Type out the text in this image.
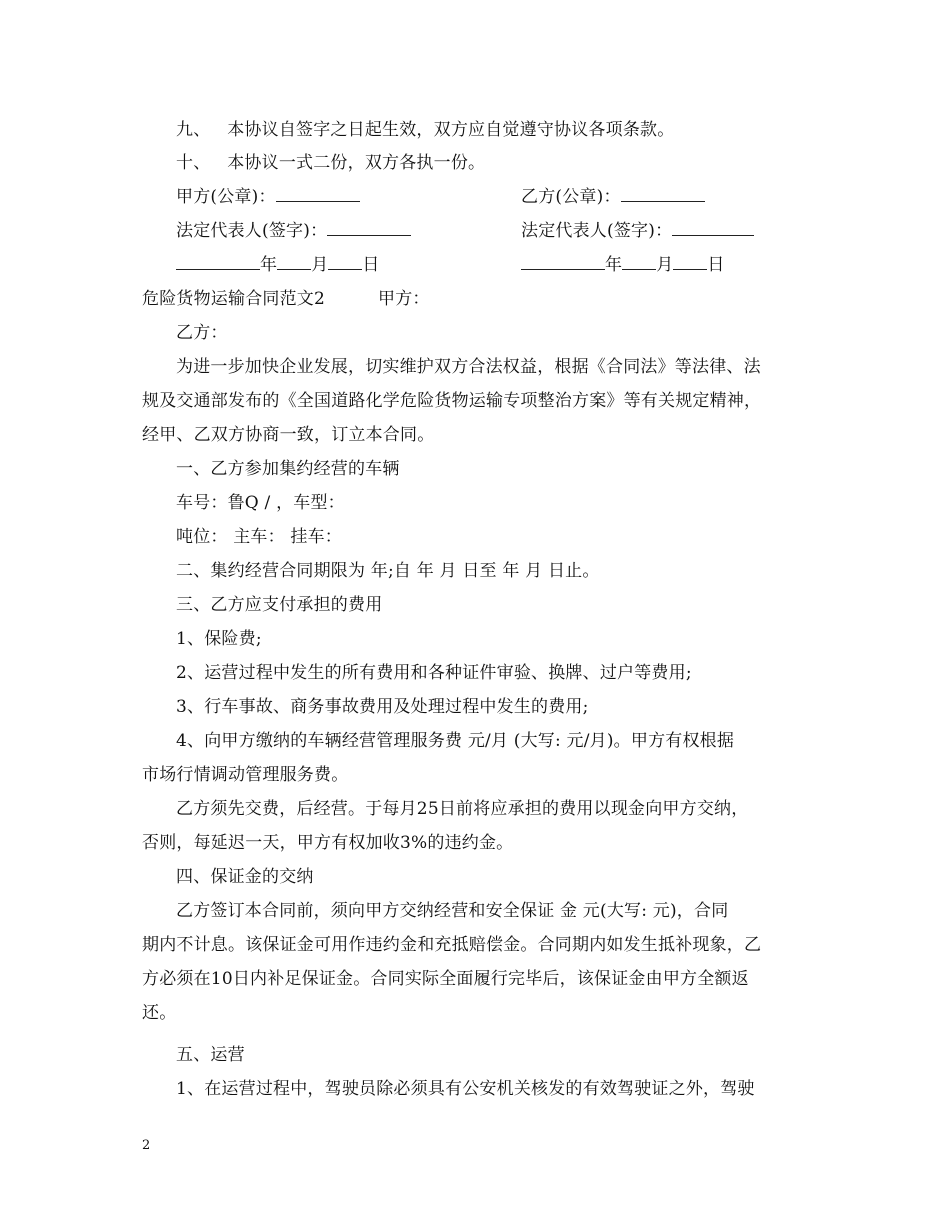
九、 本协议自签字之日起生效，双方应自觉遵守协议各项条款。
十、 本协议一式二份，双方各执一份。
甲方(公章)：	乙方(公章)：
法定代表人(签字)：	法定代表人(签字)：
年 月 日	年 月 日
危险货物运输合同范文2	甲方：
乙方：
为进一步加快企业发展，切实维护双方合法权益，根据《合同法》等法律、法
规及交通部发布的《全国道路化学危险货物运输专项整治方案》等有关规定精神，
经甲、乙双方协商一致，订立本合同。
一、乙方参加集约经营的车辆
车号：鲁Q / ，车型：
吨位： 主车： 挂车：
二、集约经营合同期限为 年;自 年 月 日至 年 月 日止。
三、乙方应支付承担的费用
1、保险费;
2、运营过程中发生的所有费用和各种证件审验、换牌、过户等费用;
3、行车事故、商务事故费用及处理过程中发生的费用;
4、向甲方缴纳的车辆经营管理服务费 元/月 (大写: 元/月)。甲方有权根据
市场行情调动管理服务费。
乙方须先交费，后经营。于每月25日前将应承担的费用以现金向甲方交纳，
否则，每延迟一天，甲方有权加收3%的违约金。
四、保证金的交纳
乙方签订本合同前，须向甲方交纳经营和安全保证 金 元(大写: 元)，合同
期内不计息。该保证金可用作违约金和充抵赔偿金。合同期内如发生抵补现象，乙
方必须在10日内补足保证金。合同实际全面履行完毕后，该保证金由甲方全额返
还。
五、运营
1、在运营过程中，驾驶员除必须具有公安机关核发的有效驾驶证之外，驾驶
2
